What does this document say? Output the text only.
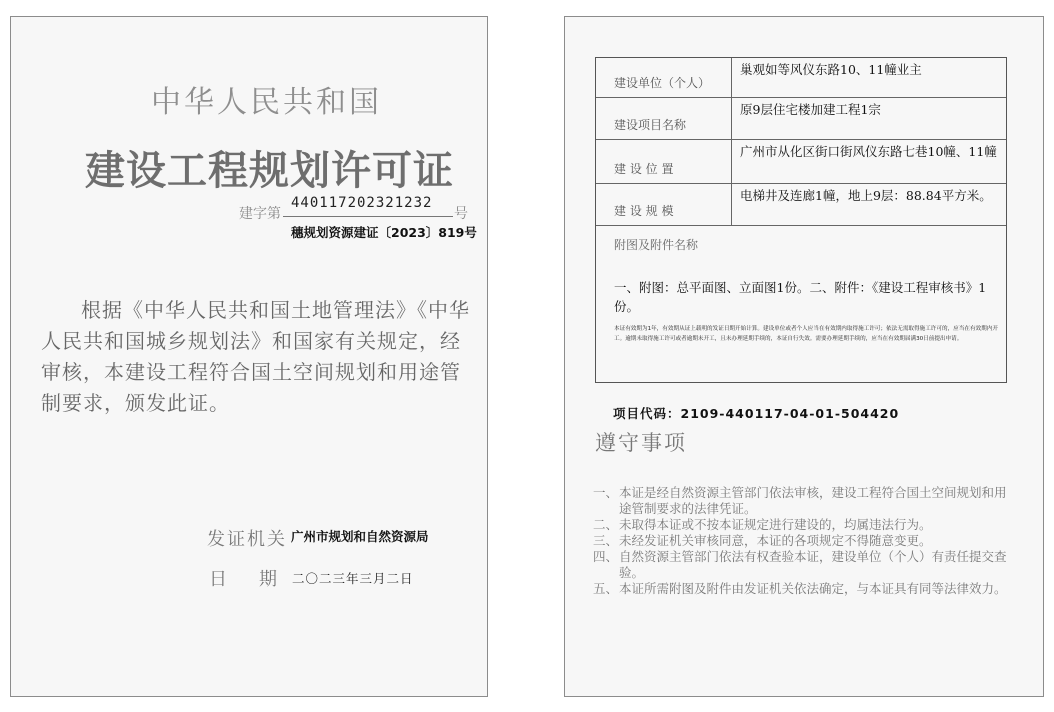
中华人民共和国
建设工程规划许可证
建字第
440117202321232
号
穗规划资源建证〔2023〕819号
根据《中华人民共和国土地管理法》《中华人民共和国城乡规划法》和国家有关规定，经审核，本建设工程符合国土空间规划和用途管制要求，颁发此证。
发证机关 广州市规划和自然资源局
日 期 二〇二三年三月二日
建设单位（个人）
巢观如等风仪东路10、11幢业主
建设项目名称
原9层住宅楼加建工程1宗
建 设 位 置
广州市从化区街口街风仪东路七巷10幢、11幢
建 设 规 模
电梯井及连廊1幢，地上9层：88.84平方米。
附图及附件名称
一、附图：总平面图、立面图1份。二、附件：《建设工程审核书》1份。
本证有效期为1年，有效期从证上载明的发证日期开始计算。建设单位或者个人应当在有效期内取得施工许可；依法无需取得施工许可的，应当在有效期内开工。逾期未取得施工许可或者逾期未开工，且未办理延期手续的，本证自行失效。需要办理延期手续的，应当在有效期届满30日前提出申请。
项目代码：2109-440117-04-01-504420
遵守事项
一、 本证是经自然资源主管部门依法审核，建设工程符合国土空间规划和用途管制要求的法律凭证。
二、 未取得本证或不按本证规定进行建设的，均属违法行为。
三、 未经发证机关审核同意，本证的各项规定不得随意变更。
四、 自然资源主管部门依法有权查验本证，建设单位（个人）有责任提交查验。
五、 本证所需附图及附件由发证机关依法确定，与本证具有同等法律效力。
